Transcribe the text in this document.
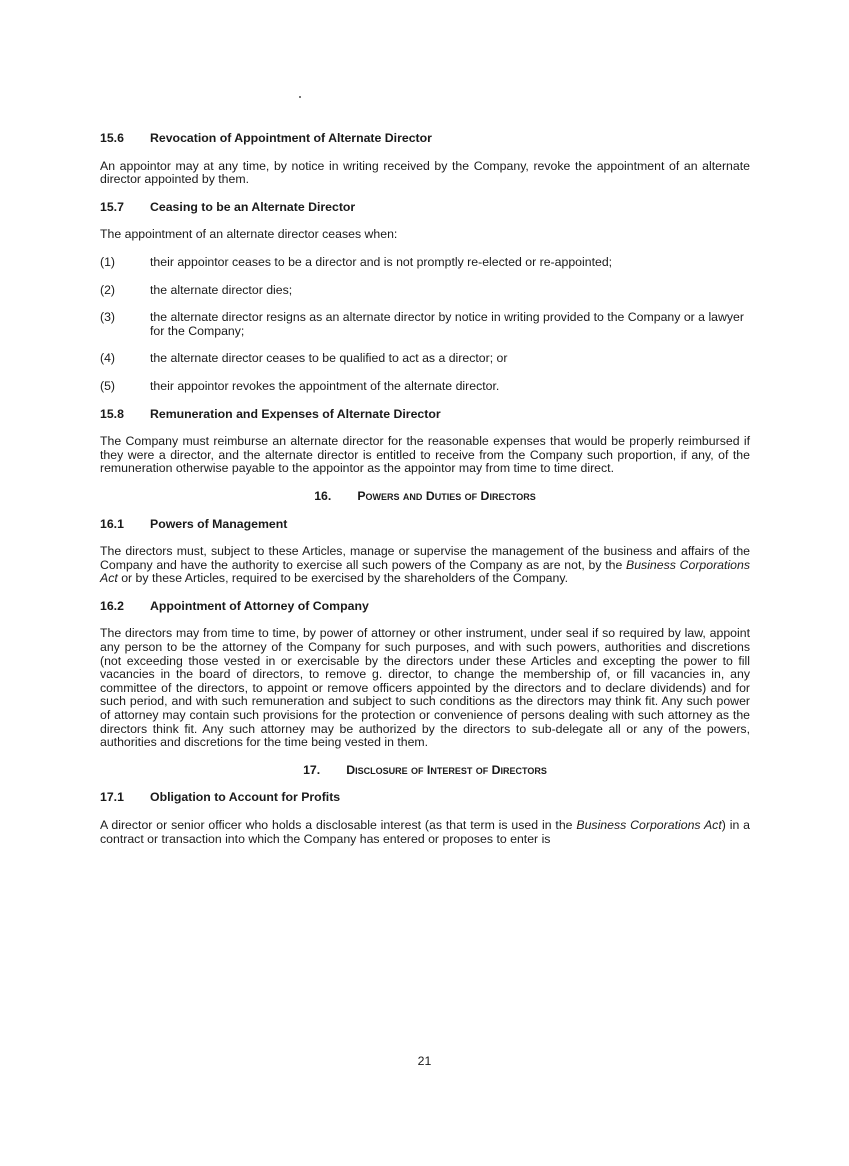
15.6	Revocation of Appointment of Alternate Director

An appointor may at any time, by notice in writing received by the Company, revoke the appointment of an alternate director appointed by them.

15.7	Ceasing to be an Alternate Director

The appointment of an alternate director ceases when:

(1)	their appointor ceases to be a director and is not promptly re-elected or re-appointed;
(2)	the alternate director dies;
(3)	the alternate director resigns as an alternate director by notice in writing provided to the Company or a lawyer for the Company;
(4)	the alternate director ceases to be qualified to act as a director; or
(5)	their appointor revokes the appointment of the alternate director.
15.8	Remuneration and Expenses of Alternate Director

The Company must reimburse an alternate director for the reasonable expenses that would be properly reimbursed if they were a director, and the alternate director is entitled to receive from the Company such proportion, if any, of the remuneration otherwise payable to the appointor as the appointor may from time to time direct.

16. Powers and Duties of Directors
16.1	Powers of Management

The directors must, subject to these Articles, manage or supervise the management of the business and affairs of the Company and have the authority to exercise all such powers of the Company as are not, by the Business Corporations Act or by these Articles, required to be exercised by the shareholders of the Company.

16.2	Appointment of Attorney of Company

The directors may from time to time, by power of attorney or other instrument, under seal if so required by law, appoint any person to be the attorney of the Company for such purposes, and with such powers, authorities and discretions (not exceeding those vested in or exercisable by the directors under these Articles and excepting the power to fill vacancies in the board of directors, to remove g. director, to change the membership of, or fill vacancies in, any committee of the directors, to appoint or remove officers appointed by the directors and to declare dividends) and for such period, and with such remuneration and subject to such conditions as the directors may think fit. Any such power of attorney may contain such provisions for the protection or convenience of persons dealing with such attorney as the directors think fit. Any such attorney may be authorized by the directors to sub-delegate all or any of the powers, authorities and discretions for the time being vested in them.

17. Disclosure of Interest of Directors
17.1	Obligation to Account for Profits

A director or senior officer who holds a disclosable interest (as that term is used in the Business Corporations Act) in a contract or transaction into which the Company has entered or proposes to enter is

21
